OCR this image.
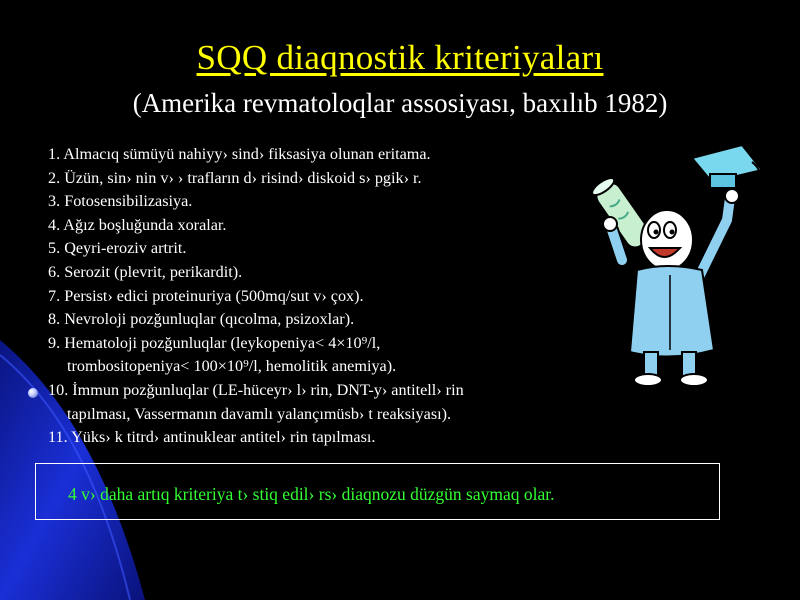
SQQ diaqnostik kriteriyaları
(Amerika revmatoloqlar assosiyası, baxılıb 1982)
1. Almacıq sümüyü nahiyy› sind› fiksasiya olunan eritama.
2. Üzün, sin› nin v› › trafların d› risind› diskoid s› pgik› r.
3. Fotosensibilizasiya.
4. Ağız boşluğunda xoralar.
5. Qeyri-eroziv artrit.
6. Serozit (plevrit, perikardit).
7. Persist› edici proteinuriya (500mq/sut v› çox).
8. Nevroloji pozğunluqlar (qıcolma, psizoxlar).
9. Hematoloji pozğunluqlar (leykopeniya< 4×10⁹/l,
trombositopeniya< 100×10⁹/l, hemolitik anemiya).
10. İmmun pozğunluqlar (LE-hüceyr› l› rin, DNT-y› antitell› rin
tapılması, Vassermanın davamlı yalançımüsb› t reaksiyası).
11. Yüks› k titrd› antinuklear antitel› rin tapılması.
4 v› daha artıq kriteriya t› stiq edil› rs› diaqnozu düzgün saymaq olar.
